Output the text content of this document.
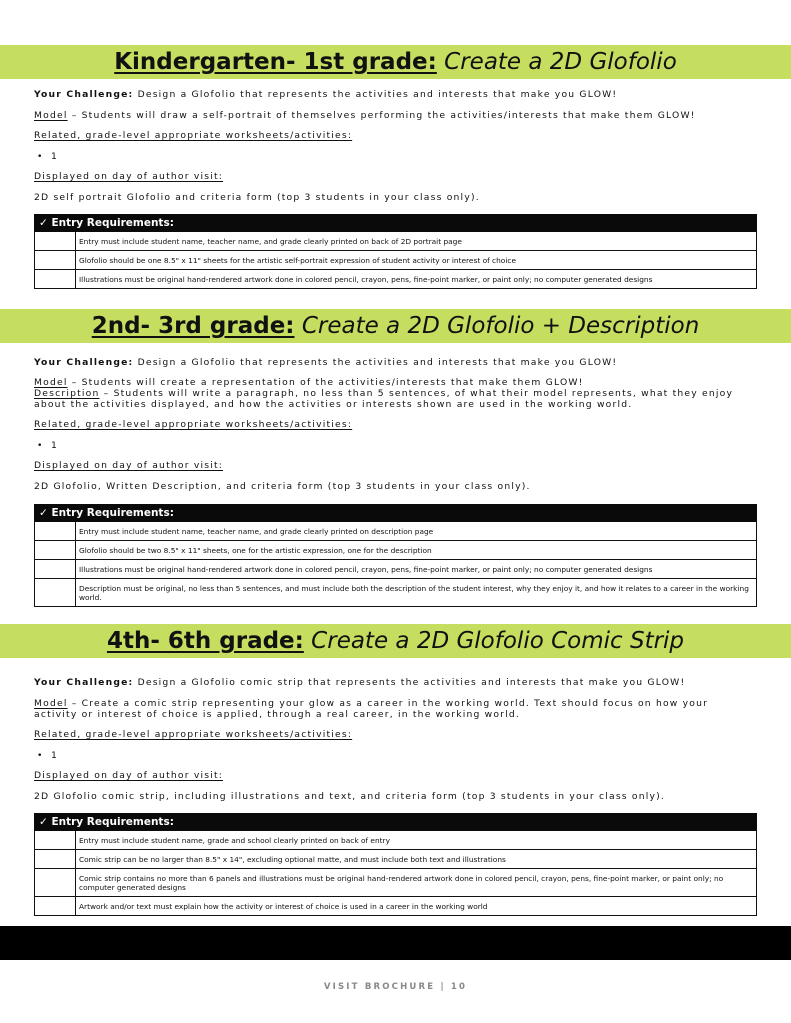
Kindergarten- 1st grade: Create a 2D Glofolio
Your Challenge: Design a Glofolio that represents the activities and interests that make you GLOW!
Model – Students will draw a self-portrait of themselves performing the activities/interests that make them GLOW!
Related, grade-level appropriate worksheets/activities:
• 1
Displayed on day of author visit:
2D self portrait Glofolio and criteria form (top 3 students in your class only).
✓ Entry Requirements:	
	Entry must include student name, teacher name, and grade clearly printed on back of 2D portrait page
	Glofolio should be one 8.5" x 11" sheets for the artistic self-portrait expression of student activity or interest of choice
	Illustrations must be original hand-rendered artwork done in colored pencil, crayon, pens, fine-point marker, or paint only; no computer generated designs
2nd- 3rd grade: Create a 2D Glofolio + Description
Your Challenge: Design a Glofolio that represents the activities and interests that make you GLOW!
Model – Students will create a representation of the activities/interests that make them GLOW!
Description – Students will write a paragraph, no less than 5 sentences, of what their model represents, what they enjoy about the activities displayed, and how the activities or interests shown are used in the working world.
Related, grade-level appropriate worksheets/activities:
• 1
Displayed on day of author visit:
2D Glofolio, Written Description, and criteria form (top 3 students in your class only).
✓ Entry Requirements:	
	Entry must include student name, teacher name, and grade clearly printed on description page
	Glofolio should be two 8.5" x 11" sheets, one for the artistic expression, one for the description
	Illustrations must be original hand-rendered artwork done in colored pencil, crayon, pens, fine-point marker, or paint only; no computer generated designs
	Description must be original, no less than 5 sentences, and must include both the description of the student interest, why they enjoy it, and how it relates to a career in the working world.
4th- 6th grade: Create a 2D Glofolio Comic Strip
Your Challenge: Design a Glofolio comic strip that represents the activities and interests that make you GLOW!
Model – Create a comic strip representing your glow as a career in the working world. Text should focus on how your activity or interest of choice is applied, through a real career, in the working world.
Related, grade-level appropriate worksheets/activities:
• 1
Displayed on day of author visit:
2D Glofolio comic strip, including illustrations and text, and criteria form (top 3 students in your class only).
✓ Entry Requirements:	
	Entry must include student name, grade and school clearly printed on back of entry
	Comic strip can be no larger than 8.5" x 14", excluding optional matte, and must include both text and illustrations
	Comic strip contains no more than 6 panels and illustrations must be original hand-rendered artwork done in colored pencil, crayon, pens, fine-point marker, or paint only; no computer generated designs
	Artwork and/or text must explain how the activity or interest of choice is used in a career in the working world
VISIT BROCHURE | 10
